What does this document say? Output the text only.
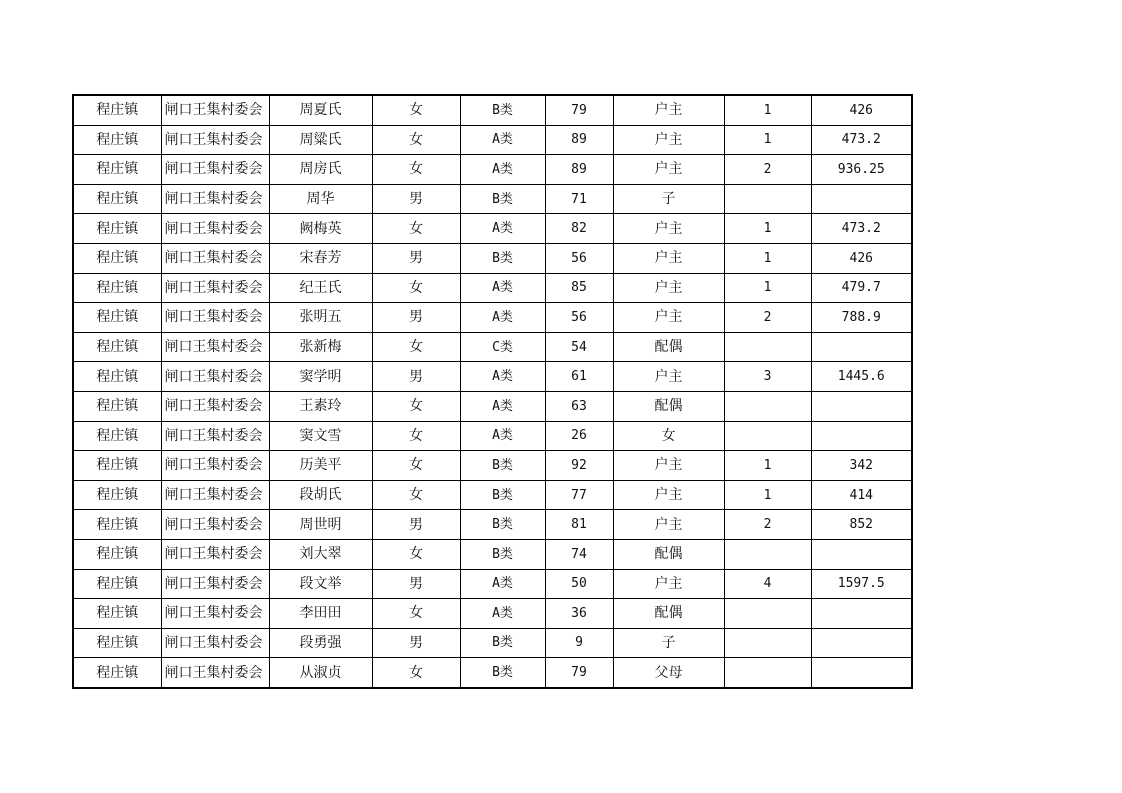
程庄镇	闸口王集村委会	周夏氏	女	B类	79	户主	1	426
程庄镇	闸口王集村委会	周粱氏	女	A类	89	户主	1	473.2
程庄镇	闸口王集村委会	周房氏	女	A类	89	户主	2	936.25
程庄镇	闸口王集村委会	周华	男	B类	71	子		
程庄镇	闸口王集村委会	阙梅英	女	A类	82	户主	1	473.2
程庄镇	闸口王集村委会	宋春芳	男	B类	56	户主	1	426
程庄镇	闸口王集村委会	纪王氏	女	A类	85	户主	1	479.7
程庄镇	闸口王集村委会	张明五	男	A类	56	户主	2	788.9
程庄镇	闸口王集村委会	张新梅	女	C类	54	配偶		
程庄镇	闸口王集村委会	窦学明	男	A类	61	户主	3	1445.6
程庄镇	闸口王集村委会	王素玲	女	A类	63	配偶		
程庄镇	闸口王集村委会	窦文雪	女	A类	26	女		
程庄镇	闸口王集村委会	历美平	女	B类	92	户主	1	342
程庄镇	闸口王集村委会	段胡氏	女	B类	77	户主	1	414
程庄镇	闸口王集村委会	周世明	男	B类	81	户主	2	852
程庄镇	闸口王集村委会	刘大翠	女	B类	74	配偶		
程庄镇	闸口王集村委会	段文举	男	A类	50	户主	4	1597.5
程庄镇	闸口王集村委会	李田田	女	A类	36	配偶		
程庄镇	闸口王集村委会	段勇强	男	B类	9	子		
程庄镇	闸口王集村委会	从淑贞	女	B类	79	父母		
